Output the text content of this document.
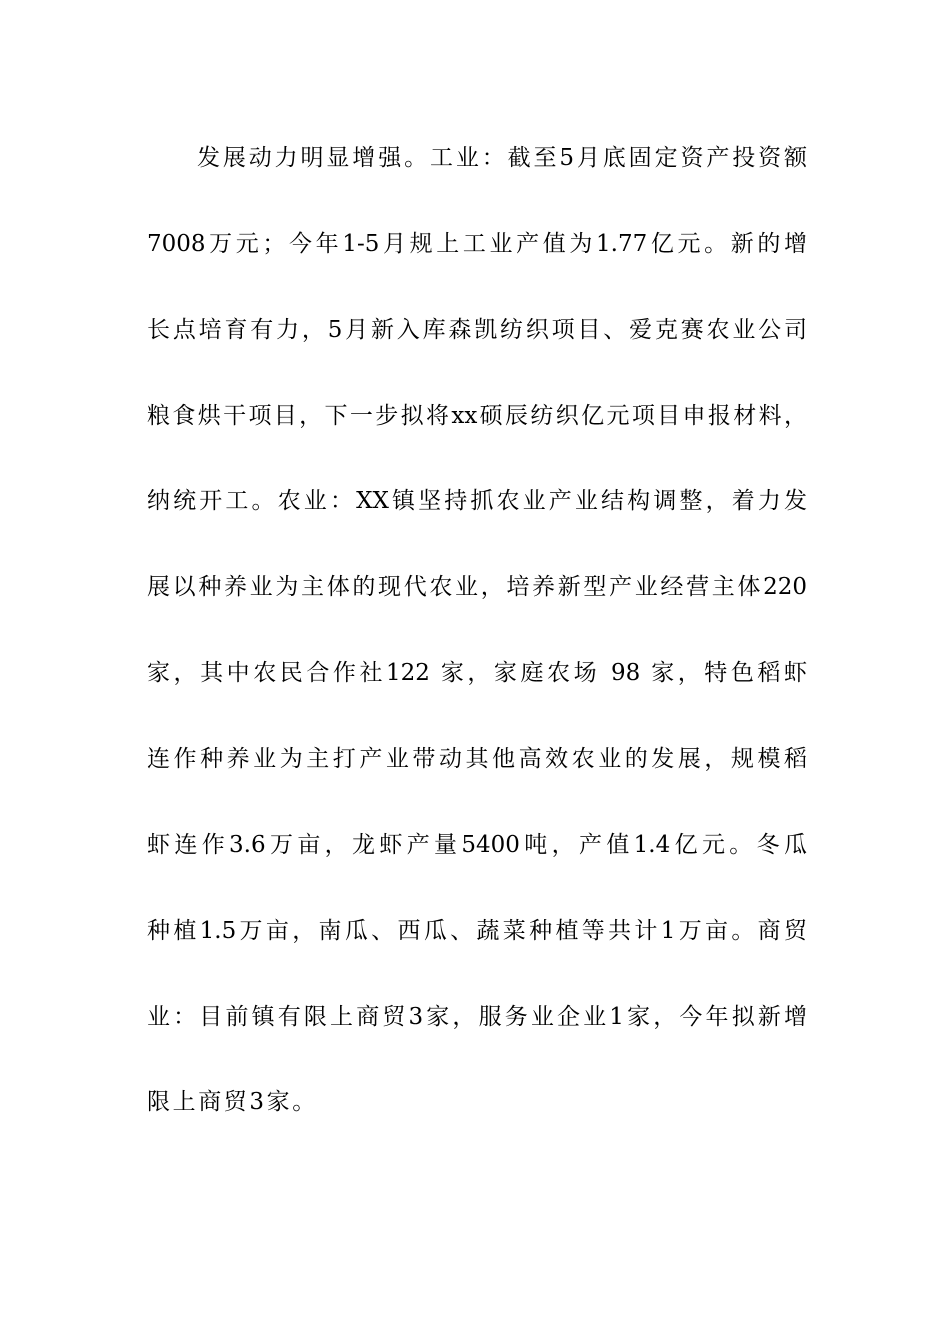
发展动力明显增强。工业：截至5月底固定资产投资额
7008万元；今年1-5月规上工业产值为1.77亿元。新的增
长点培育有力，5月新入库森凯纺织项目、爱克赛农业公司
粮食烘干项目，下一步拟将xx硕辰纺织亿元项目申报材料，
纳统开工。农业：XX镇坚持抓农业产业结构调整，着力发
展以种养业为主体的现代农业，培养新型产业经营主体220
家，其中农民合作社122 家，家庭农场 98 家，特色稻虾
连作种养业为主打产业带动其他高效农业的发展，规模稻
虾连作3.6万亩，龙虾产量5400吨，产值1.4亿元。冬瓜
种植1.5万亩，南瓜、西瓜、蔬菜种植等共计1万亩。商贸
业：目前镇有限上商贸3家，服务业企业1家，今年拟新增
限上商贸3家。
